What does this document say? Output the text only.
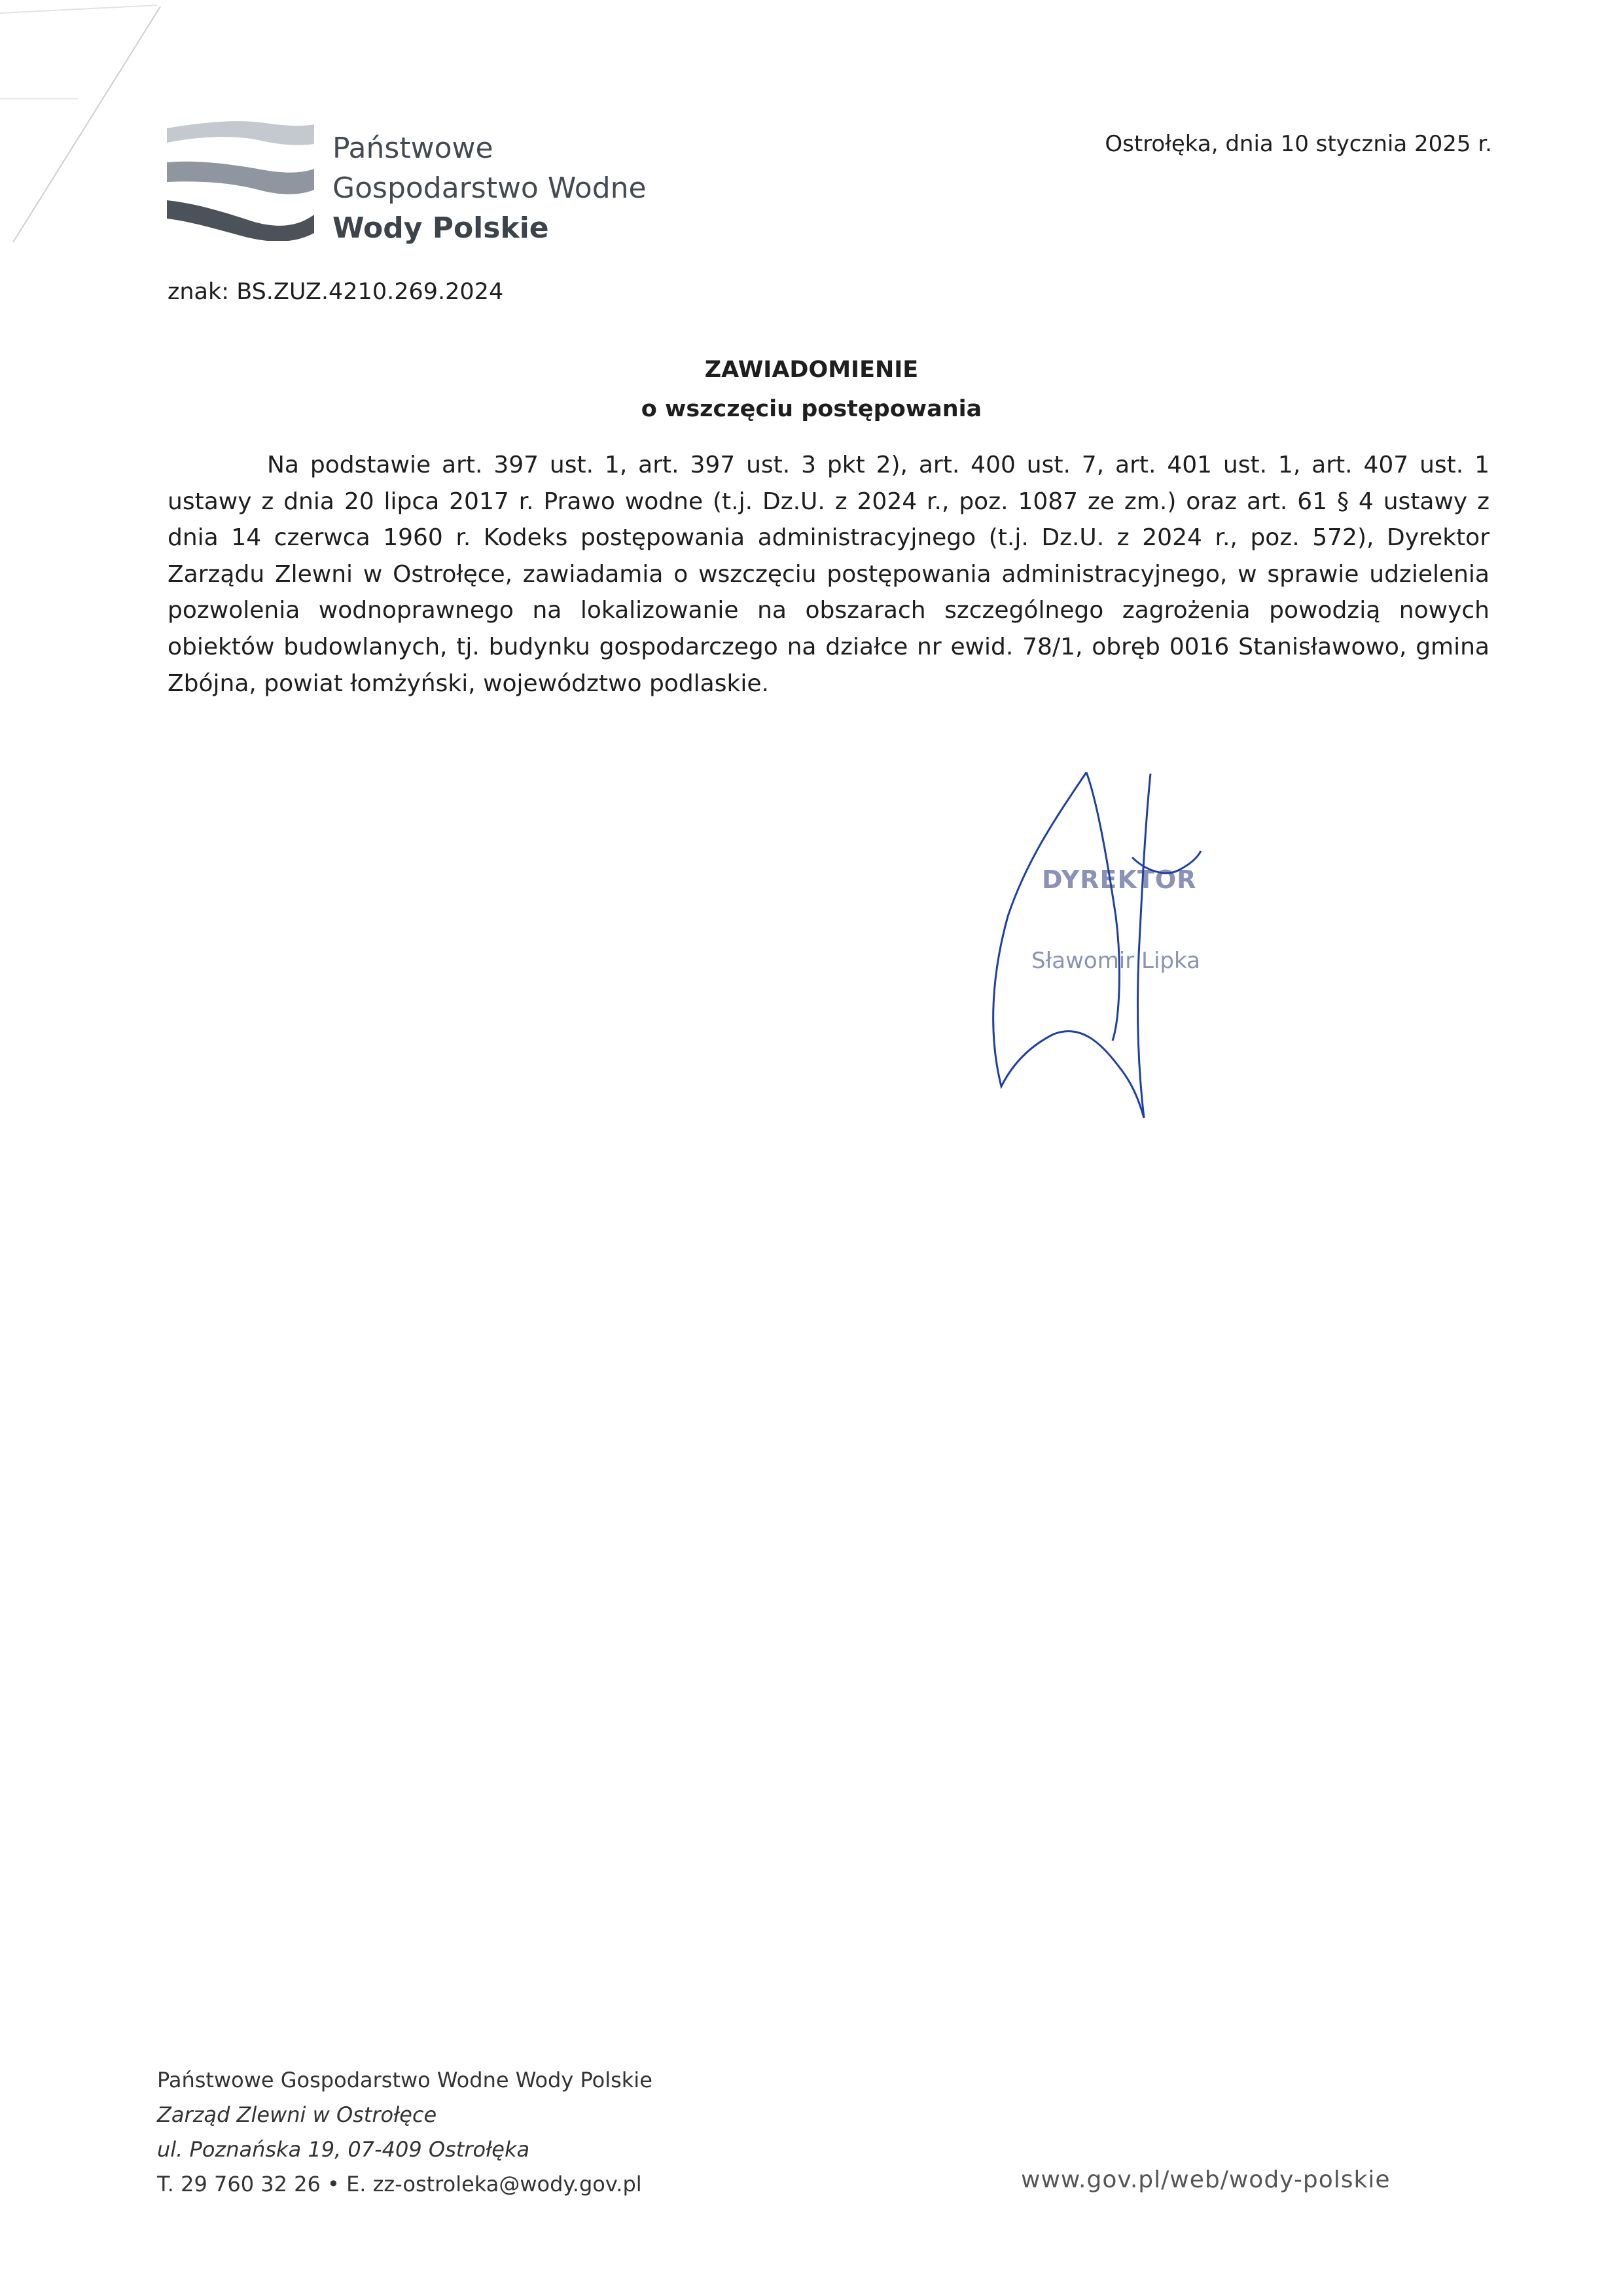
Państwowe
Gospodarstwo Wodne
Wody Polskie
Ostrołęka, dnia 10 stycznia 2025 r.
znak: BS.ZUZ.4210.269.2024
ZAWIADOMIENIE
o wszczęciu postępowania
Na podstawie art. 397 ust. 1, art. 397 ust. 3 pkt 2), art. 400 ust. 7, art. 401 ust. 1, art. 407 ust. 1 ustawy z dnia 20 lipca 2017 r. Prawo wodne (t.j. Dz.U. z 2024 r., poz. 1087 ze zm.) oraz art. 61 § 4 ustawy z dnia 14 czerwca 1960 r. Kodeks postępowania administracyjnego (t.j. Dz.U. z 2024 r., poz. 572), Dyrektor Zarządu Zlewni w Ostrołęce, zawiadamia o wszczęciu postępowania administracyjnego, w sprawie udzielenia pozwolenia wodnoprawnego na lokalizowanie na obszarach szczególnego zagrożenia powodzią nowych obiektów budowlanych, tj. budynku gospodarczego na działce nr ewid. 78/1, obręb 0016 Stanisławowo, gmina Zbójna, powiat łomżyński, województwo podlaskie.
DYREKTOR
Sławomir Lipka
Państwowe Gospodarstwo Wodne Wody Polskie
Zarząd Zlewni w Ostrołęce
ul. Poznańska 19, 07-409 Ostrołęka
T. 29 760 32 26 • E. zz-ostroleka@wody.gov.pl	www.gov.pl/web/wody-polskie
